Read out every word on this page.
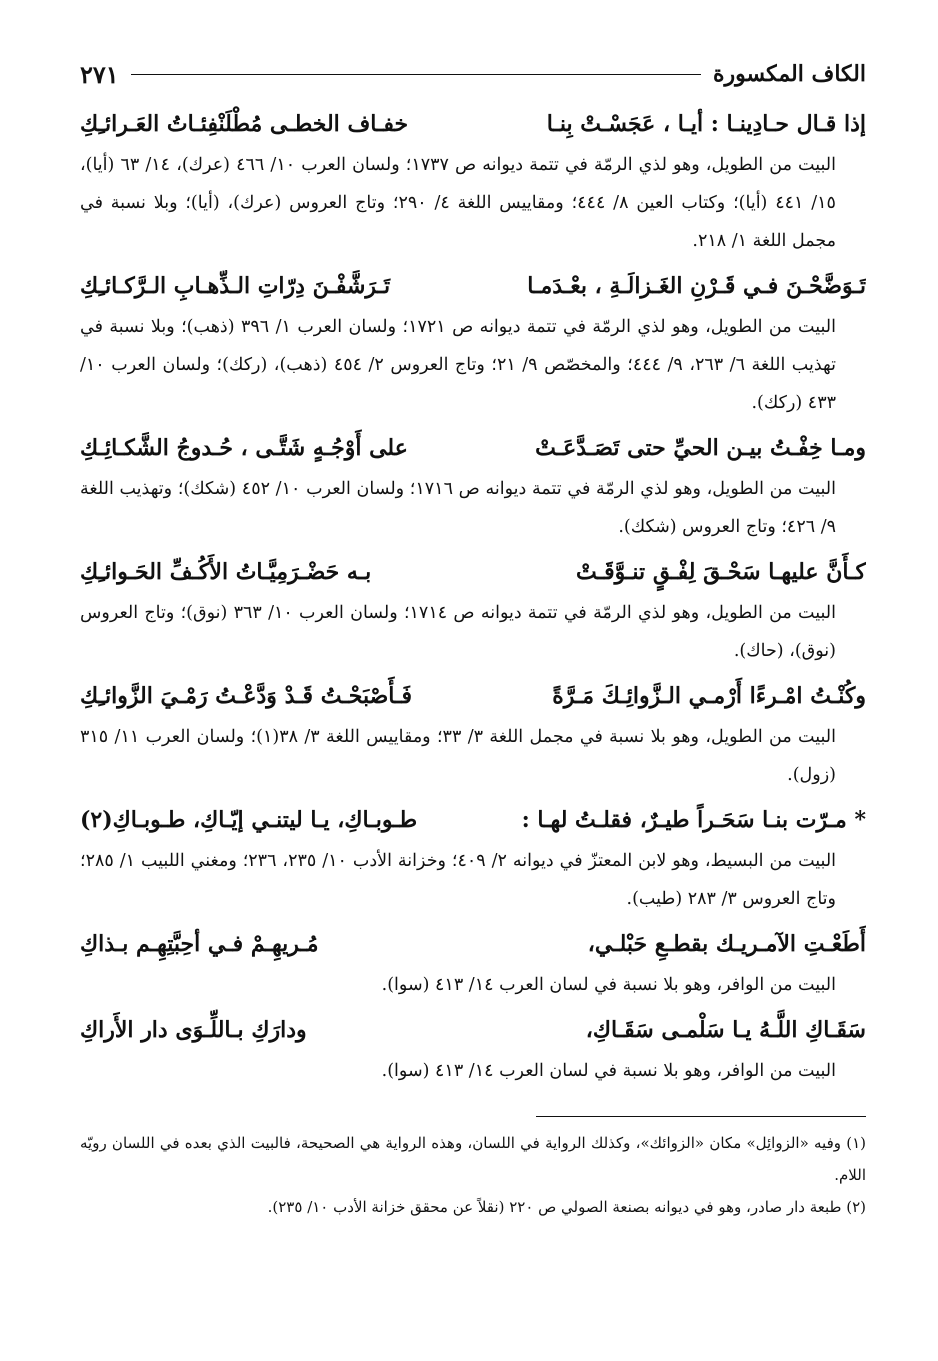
الكاف المكسورة
٢٧١
إذا قـال حـادِينـا : أيـا ، عَجَسْـتْ بِنـا
خفـاف الخطـى مُطْلَنْفِئـاتُ العَـرائـِكِ
البيت من الطويل، وهو لذي الرمّة في تتمة ديوانه ص ١٧٣٧؛ ولسان العرب ١٠/ ٤٦٦ (عرك)، ١٤/ ٦٣ (أيا)، ١٥/ ٤٤١ (أيا)؛ وكتاب العين ٨/ ٤٤٤؛ ومقاييس اللغة ٤/ ٢٩٠؛ وتاج العروس (عرك)، (أيا)؛ وبلا نسبة في مجمل اللغة ١/ ٢١٨.
تَـوَضَّحْـنَ فـي قَـرْنِ الغَـزالَـةِ ، بعْـدَمـا
تَـرَشَّفْـنَ دِرّاتِ الـذِّهـابِ الـرَّكـائـِكِ
البيت من الطويل، وهو لذي الرمّة في تتمة ديوانه ص ١٧٢١؛ ولسان العرب ١/ ٣٩٦ (ذهب)؛ وبلا نسبة في تهذيب اللغة ٦/ ٢٦٣، ٩/ ٤٤٤؛ والمخصّص ٩/ ٢١؛ وتاج العروس ٢/ ٤٥٤ (ذهب)، (ركك)؛ ولسان العرب ١٠/ ٤٣٣ (ركك).
ومـا خِفْـتُ بيـن الحيِّ حتى تَصَـدَّعَـتْ
على أَوْجُـهٍ شَتَّـى ، حُـدوجُ الشَّكـائِـكِ
البيت من الطويل، وهو لذي الرمّة في تتمة ديوانه ص ١٧١٦؛ ولسان العرب ١٠/ ٤٥٢ (شكك)؛ وتهذيب اللغة ٩/ ٤٢٦؛ وتاج العروس (شكك).
كـأَنَّ عليهـا سَحْـقَ لِفْـقٍ تنـوَّقَـتْ
بـه حَضْـرَمِيَّـاتُ الأَكُـفِّ الحَـوائـِكِ
البيت من الطويل، وهو لذي الرمّة في تتمة ديوانه ص ١٧١٤؛ ولسان العرب ١٠/ ٣٦٣ (نوق)؛ وتاج العروس (نوق)، (حاك).
وكُنْـتُ امْـرءًا أَرْمـي الـزَّوائِـكَ مَـرَّةً
فَـأَصْبَحْـتُ قَـدْ وَدَّعْـتُ رَمْـيَ الزَّوائـِكِ
البيت من الطويل، وهو بلا نسبة في مجمل اللغة ٣/ ٣٣؛ ومقاييس اللغة ٣/ ٣٨(١)؛ ولسان العرب ١١/ ٣١٥ (زول).
* مـرّت بنـا سَحَـراً طيـرٌ، فقلـتُ لهـا :
طـوبـاكِ، يـا ليتنـي إيّـاكِ، طـوبـاكِ(٢)
البيت من البسيط، وهو لابن المعتزّ في ديوانه ٢/ ٤٠٩؛ وخزانة الأدب ١٠/ ٢٣٥، ٢٣٦؛ ومغني اللبيب ١/ ٢٨٥؛ وتاج العروس ٣/ ٢٨٣ (طيب).
أَطَعْـتِ الآمـريـك بقطـعِ حَبْلـي،
مُـريهِـمْ فـي أحِبَّتِهِـم بـذاكِ
البيت من الوافر، وهو بلا نسبة في لسان العرب ١٤/ ٤١٣ (سوا).
سَقَـاكِ اللَّـهُ يـا سَلْمـى سَقَـاكِ،
ودارَكِ بـاللِّـوَى دار الأَراكِ
البيت من الوافر، وهو بلا نسبة في لسان العرب ١٤/ ٤١٣ (سوا).
(١) وفيه «الزوائِل» مكان «الزوائك»، وكذلك الرواية في اللسان، وهذه الرواية هي الصحيحة، فالبيت الذي بعده في اللسان رويّه اللام.
(٢) طبعة دار صادر، وهو في ديوانه بصنعة الصولي ص ٢٢٠ (نقلاً عن محقق خزانة الأدب ١٠/ ٢٣٥).
